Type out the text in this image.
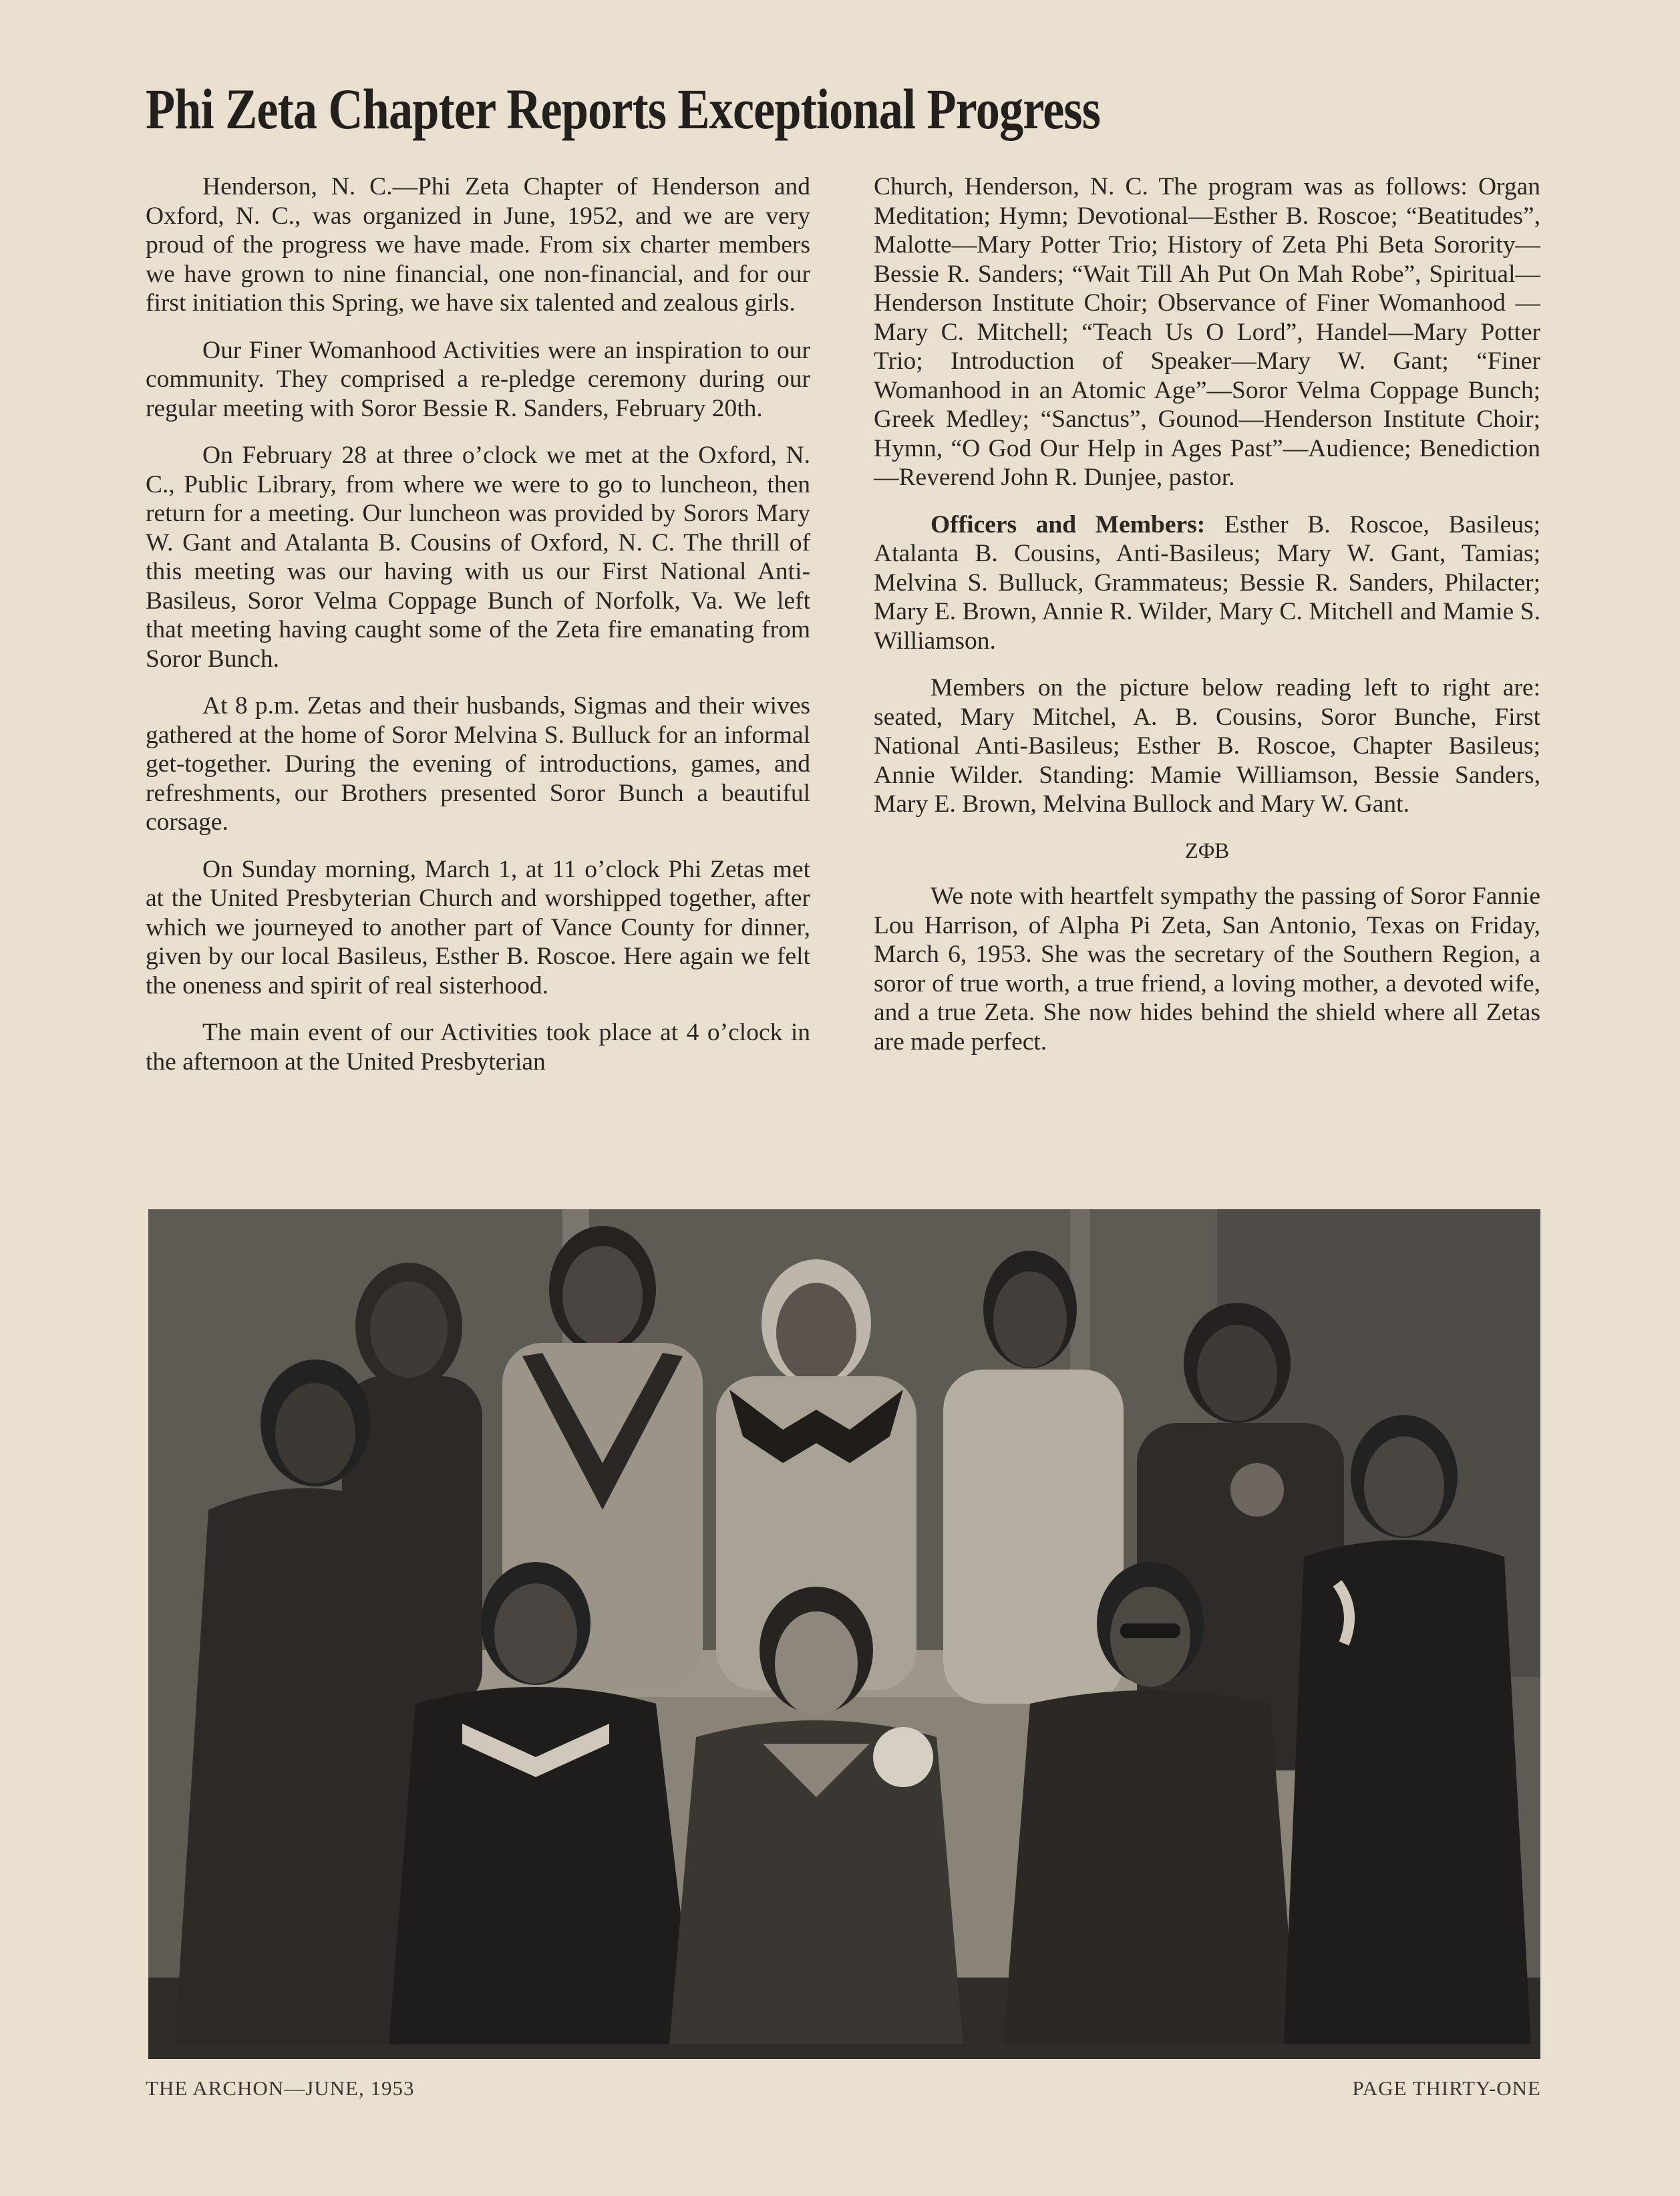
Phi Zeta Chapter Reports Exceptional Progress

Henderson, N. C.—Phi Zeta Chapter of Henderson and Oxford, N. C., was organized in June, 1952, and we are very proud of the progress we have made. From six charter members we have grown to nine financial, one non-financial, and for our first initiation this Spring, we have six talented and zealous girls.

Our Finer Womanhood Activities were an inspiration to our community. They comprised a re-pledge ceremony during our regular meeting with Soror Bessie R. Sanders, February 20th.

On February 28 at three o’clock we met at the Oxford, N. C., Public Library, from where we were to go to luncheon, then return for a meeting. Our luncheon was provided by Sorors Mary W. Gant and Atalanta B. Cousins of Oxford, N. C. The thrill of this meeting was our having with us our First National Anti-Basileus, Soror Velma Coppage Bunch of Norfolk, Va. We left that meeting having caught some of the Zeta fire emanating from Soror Bunch.

At 8 p.m. Zetas and their husbands, Sigmas and their wives gathered at the home of Soror Melvina S. Bulluck for an informal get-together. During the evening of introductions, games, and refreshments, our Brothers presented Soror Bunch a beautiful corsage.

On Sunday morning, March 1, at 11 o’clock Phi Zetas met at the United Presbyterian Church and worshipped together, after which we journeyed to another part of Vance County for dinner, given by our local Basileus, Esther B. Roscoe. Here again we felt the oneness and spirit of real sisterhood.

The main event of our Activities took place at 4 o’clock in the afternoon at the United Presbyterian

Church, Henderson, N. C. The program was as follows: Organ Meditation; Hymn; Devotional—Esther B. Roscoe; “Beatitudes”, Malotte—Mary Potter Trio; History of Zeta Phi Beta Sorority—Bessie R. Sanders; “Wait Till Ah Put On Mah Robe”, Spiritual—Henderson Institute Choir; Observance of Finer Womanhood —Mary C. Mitchell; “Teach Us O Lord”, Handel—Mary Potter Trio; Introduction of Speaker—Mary W. Gant; “Finer Womanhood in an Atomic Age”—Soror Velma Coppage Bunch; Greek Medley; “Sanctus”, Gounod—Henderson Institute Choir; Hymn, “O God Our Help in Ages Past”—Audience; Benediction—Reverend John R. Dunjee, pastor.

Officers and Members: Esther B. Roscoe, Basileus; Atalanta B. Cousins, Anti-Basileus; Mary W. Gant, Tamias; Melvina S. Bulluck, Grammateus; Bessie R. Sanders, Philacter; Mary E. Brown, Annie R. Wilder, Mary C. Mitchell and Mamie S. Williamson.

Members on the picture below reading left to right are: seated, Mary Mitchel, A. B. Cousins, Soror Bunche, First National Anti-Basileus; Esther B. Roscoe, Chapter Basileus; Annie Wilder. Standing: Mamie Williamson, Bessie Sanders, Mary E. Brown, Melvina Bullock and Mary W. Gant.

ZΦB

We note with heartfelt sympathy the passing of Soror Fannie Lou Harrison, of Alpha Pi Zeta, San Antonio, Texas on Friday, March 6, 1953. She was the secretary of the Southern Region, a soror of true worth, a true friend, a loving mother, a devoted wife, and a true Zeta. She now hides behind the shield where all Zetas are made perfect.

THE ARCHON—JUNE, 1953	PAGE THIRTY-ONE
